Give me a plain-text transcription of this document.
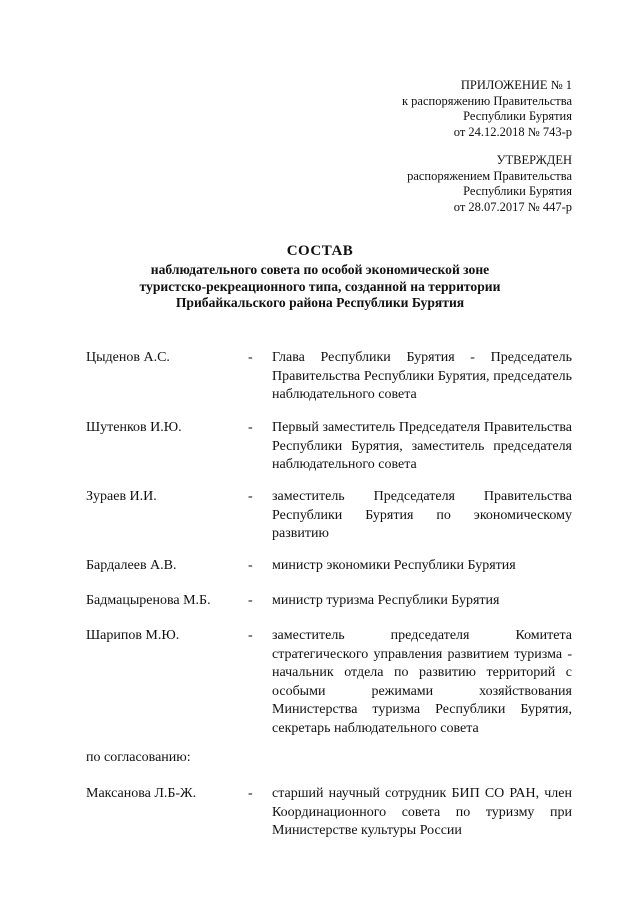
ПРИЛОЖЕНИЕ № 1
к распоряжению Правительства
Республики Бурятия
от 24.12.2018 № 743-р
УТВЕРЖДЕН
распоряжением Правительства
Республики Бурятия
от 28.07.2017 № 447-р
СОСТАВ
наблюдательного совета по особой экономической зоне
туристско-рекреационного типа, созданной на территории
Прибайкальского района Республики Бурятия
Цыденов А.С.	- Глава Республики Бурятия - Председатель Правительства Республики Бурятия, председатель наблюдательного совета
Шутенков И.Ю.	- Первый заместитель Председателя Правительства Республики Бурятия, заместитель председателя наблюдательного совета
Зураев И.И.	- заместитель Председателя Правительства Республики Бурятия по экономическому развитию
Бардалеев А.В.	- министр экономики Республики Бурятия
Бадмацыренова М.Б.	- министр туризма Республики Бурятия
Шарипов М.Ю.	- заместитель председателя Комитета стратегического управления развитием туризма - начальник отдела по развитию территорий с особыми режимами хозяйствования Министерства туризма Республики Бурятия, секретарь наблюдательного совета
по согласованию:
Максанова Л.Б-Ж.	- старший научный сотрудник БИП СО РАН, член Координационного совета по туризму при Министерстве культуры России
